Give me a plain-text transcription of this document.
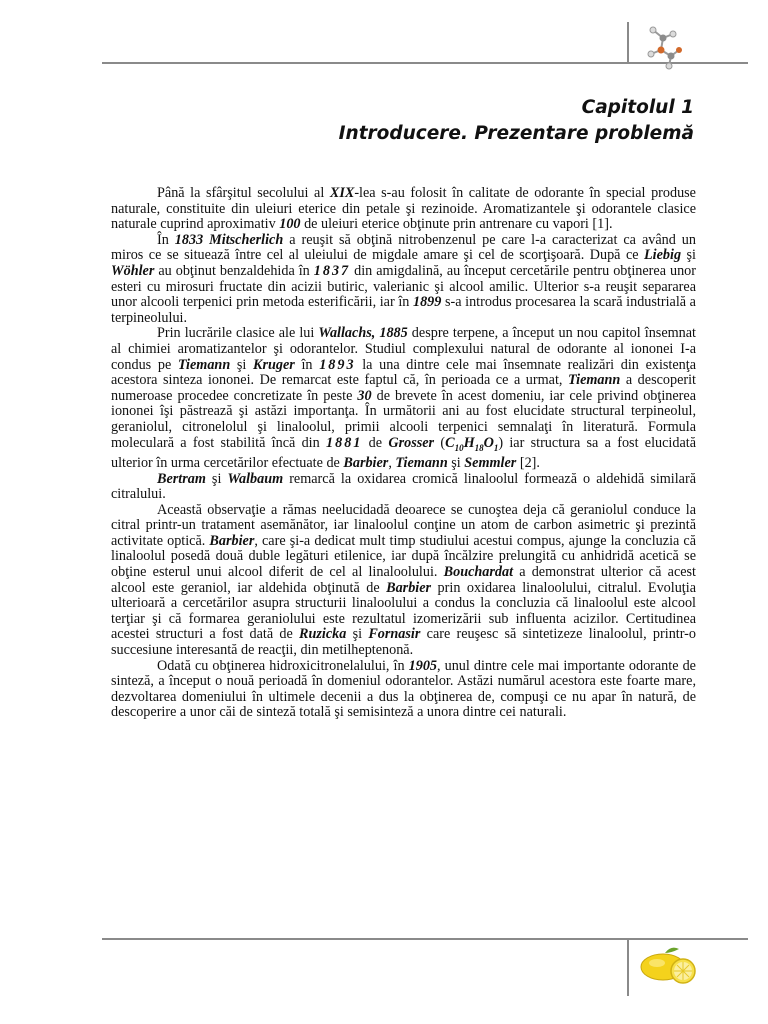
Capitolul 1
Introducere. Prezentare problemă

Până la sfârşitul secolului al XIX-lea s-au folosit în calitate de odorante în special produse naturale, constituite din uleiuri eterice din petale şi rezinoide. Aromatizantele şi odorantele clasice naturale cuprind aproximativ 100 de uleiuri eterice obţinute prin antrenare cu vapori [1].

În 1833 Mitscherlich a reuşit să obţină nitrobenzenul pe care l-a caracterizat ca având un miros ce se situează între cel al uleiului de migdale amare şi cel de scorţişoară. După ce Liebig şi Wöhler au obţinut benzaldehida în 1837 din amigdalină, au început cercetările pentru obţinerea unor esteri cu mirosuri fructate din acizii butiric, valerianic şi alcool amilic. Ulterior s-a reuşit separarea unor alcooli terpenici prin metoda esterificării, iar în 1899 s-a introdus procesarea la scară industrială a terpineolului.

Prin lucrările clasice ale lui Wallachs, 1885 despre terpene, a început un nou capitol însemnat al chimiei aromatizantelor şi odorantelor. Studiul complexului natural de odorante al iononei I-a condus pe Tiemann şi Kruger în 1893 la una dintre cele mai însemnate realizări din existenţa acestora sinteza iononei. De remarcat este faptul că, în perioada ce a urmat, Tiemann a descoperit numeroase procedee concretizate în peste 30 de brevete în acest domeniu, iar cele privind obţinerea iononei îşi păstrează şi astăzi importanţa. În următorii ani au fost elucidate structural terpineolul, geraniolul, citronelolul şi linaloolul, primii alcooli terpenici semnalaţi în literatură. Formula moleculară a fost stabilită încă din 1881 de Grosser $(C_{10}H_{18}O_1)$ iar structura sa a fost elucidată ulterior în urma cercetărilor efectuate de Barbier, Tiemann şi Semmler [2].

Bertram şi Walbaum remarcă la oxidarea cromică linaloolul formează o aldehidă similară citralului.

Această observaţie a rămas neelucidadă deoarece se cunoştea deja că geraniolul conduce la citral printr-un tratament asemănător, iar linaloolul conţine un atom de carbon asimetric şi prezintă activitate optică. Barbier, care şi-a dedicat mult timp studiului acestui compus, ajunge la concluzia că linaloolul posedă două duble legături etilenice, iar după încălzire prelungită cu anhidridă acetică se obţine esterul unui alcool diferit de cel al linaloolului. Bouchardat a demonstrat ulterior că acest alcool este geraniol, iar aldehida obţinută de Barbier prin oxidarea linaloolului, citralul. Evoluţia ulterioară a cercetărilor asupra structurii linaloolului a condus la concluzia că linaloolul este alcool terţiar şi că formarea geraniolului este rezultatul izomerizării sub influenta acizilor. Certitudinea acestei structuri a fost dată de Ruzicka şi Fornasir care reuşesc să sintetizeze linaloolul, printr-o succesiune interesantă de reacţii, din metilheptenonă.

Odată cu obţinerea hidroxicitronelalului, în 1905, unul dintre cele mai importante odorante de sinteză, a început o nouă perioadă în domeniul odorantelor. Astăzi numărul acestora este foarte mare, dezvoltarea domeniului în ultimele decenii a dus la obţinerea de, compuşi ce nu apar în natură, de descoperire a unor căi de sinteză totală şi semisinteză a unora dintre cei naturali.
